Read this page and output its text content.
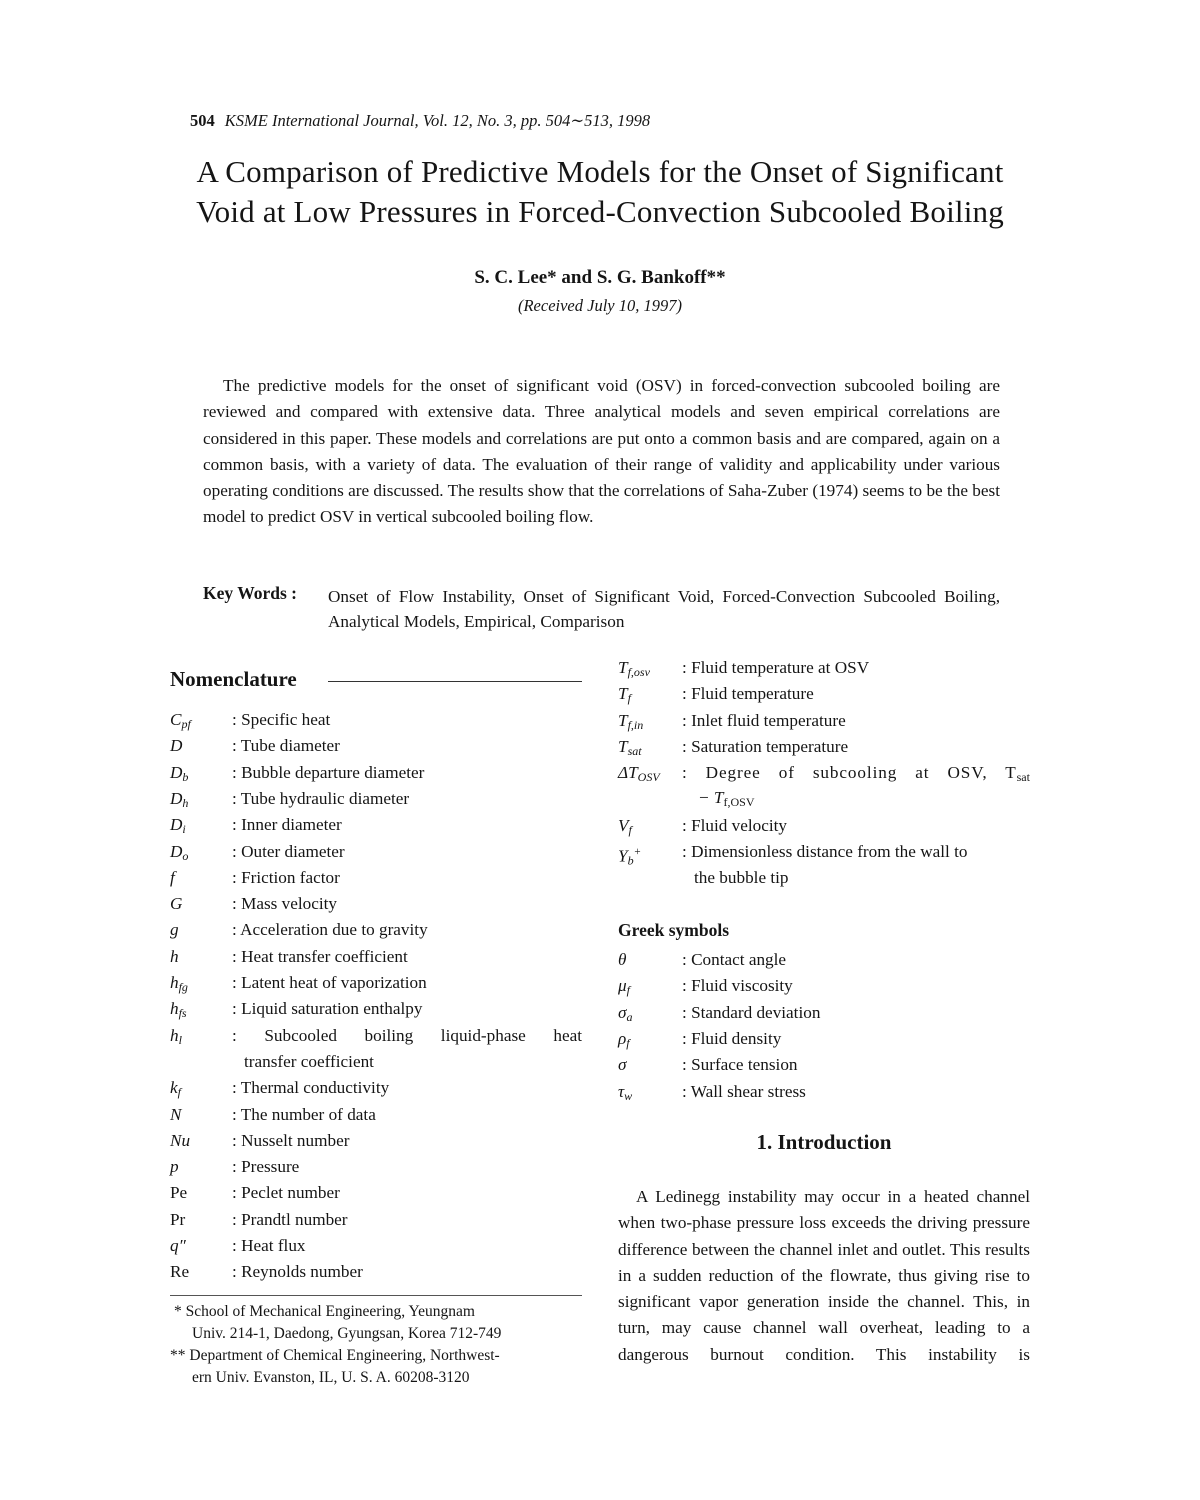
504 KSME International Journal, Vol. 12, No. 3, pp. 504∼513, 1998
A Comparison of Predictive Models for the Onset of Significant
Void at Low Pressures in Forced-Convection Subcooled Boiling
S. C. Lee* and S. G. Bankoff**
(Received July 10, 1997)
The predictive models for the onset of significant void (OSV) in forced-convection subcooled boiling are reviewed and compared with extensive data. Three analytical models and seven empirical correlations are considered in this paper. These models and correlations are put onto a common basis and are compared, again on a common basis, with a variety of data. The evaluation of their range of validity and applicability under various operating conditions are discussed. The results show that the correlations of Saha-Zuber (1974) seems to be the best model to predict OSV in vertical subcooled boiling flow.
Key Words : Onset of Flow Instability, Onset of Significant Void, Forced-Convection Subcooled Boiling, Analytical Models, Empirical, Comparison
Nomenclature
$C_{pf}$ : Specific heat
D	: Tube diameter
$D_b$	: Bubble departure diameter
$D_h$	: Tube hydraulic diameter
$D_i$	: Inner diameter
$D_o$	: Outer diameter
f	: Friction factor
G	: Mass velocity
g	: Acceleration due to gravity
h	: Heat transfer coefficient
$h_{fg}$	: Latent heat of vaporization
$h_{fs}$	: Liquid saturation enthalpy
$h_l$	: Subcooled boiling liquid-phase heat
transfer coefficient
$k_f$	: Thermal conductivity
N	: The number of data
Nu : Nusselt number
p	: Pressure
Pe	: Peclet number
Pr	: Prandtl number
q″	: Heat flux
Re : Reynolds number
Greek symbols
$T_{f,osv}$ : Fluid temperature at OSV
$T_f$	: Fluid temperature
$T_{f,in}$ : Inlet fluid temperature
$T_{sat}$ : Saturation temperature
$\Delta T_{OSV}$ : Degree of subcooling at OSV, $T_{sat}$
− $T_{f,OSV}$
$V_f$	: Fluid velocity
$Y_b^+$ : Dimensionless distance from the wall to
the bubble tip
θ	: Contact angle
$\mu_f$	: Fluid viscosity
$\sigma_a$	: Standard deviation
$\rho_f$	: Fluid density
σ	: Surface tension
$\tau_w$	: Wall shear stress
* School of Mechanical Engineering, Yeungnam
Univ. 214-1, Daedong, Gyungsan, Korea 712-749
** Department of Chemical Engineering, Northwest-
ern Univ. Evanston, IL, U. S. A. 60208-3120
1. Introduction
A Ledinegg instability may occur in a heated channel when two-phase pressure loss exceeds the driving pressure difference between the channel inlet and outlet. This results in a sudden reduction of the flowrate, thus giving rise to significant vapor generation inside the channel. This, in turn, may cause channel wall overheat, leading to a dangerous burnout condition. This instability is
